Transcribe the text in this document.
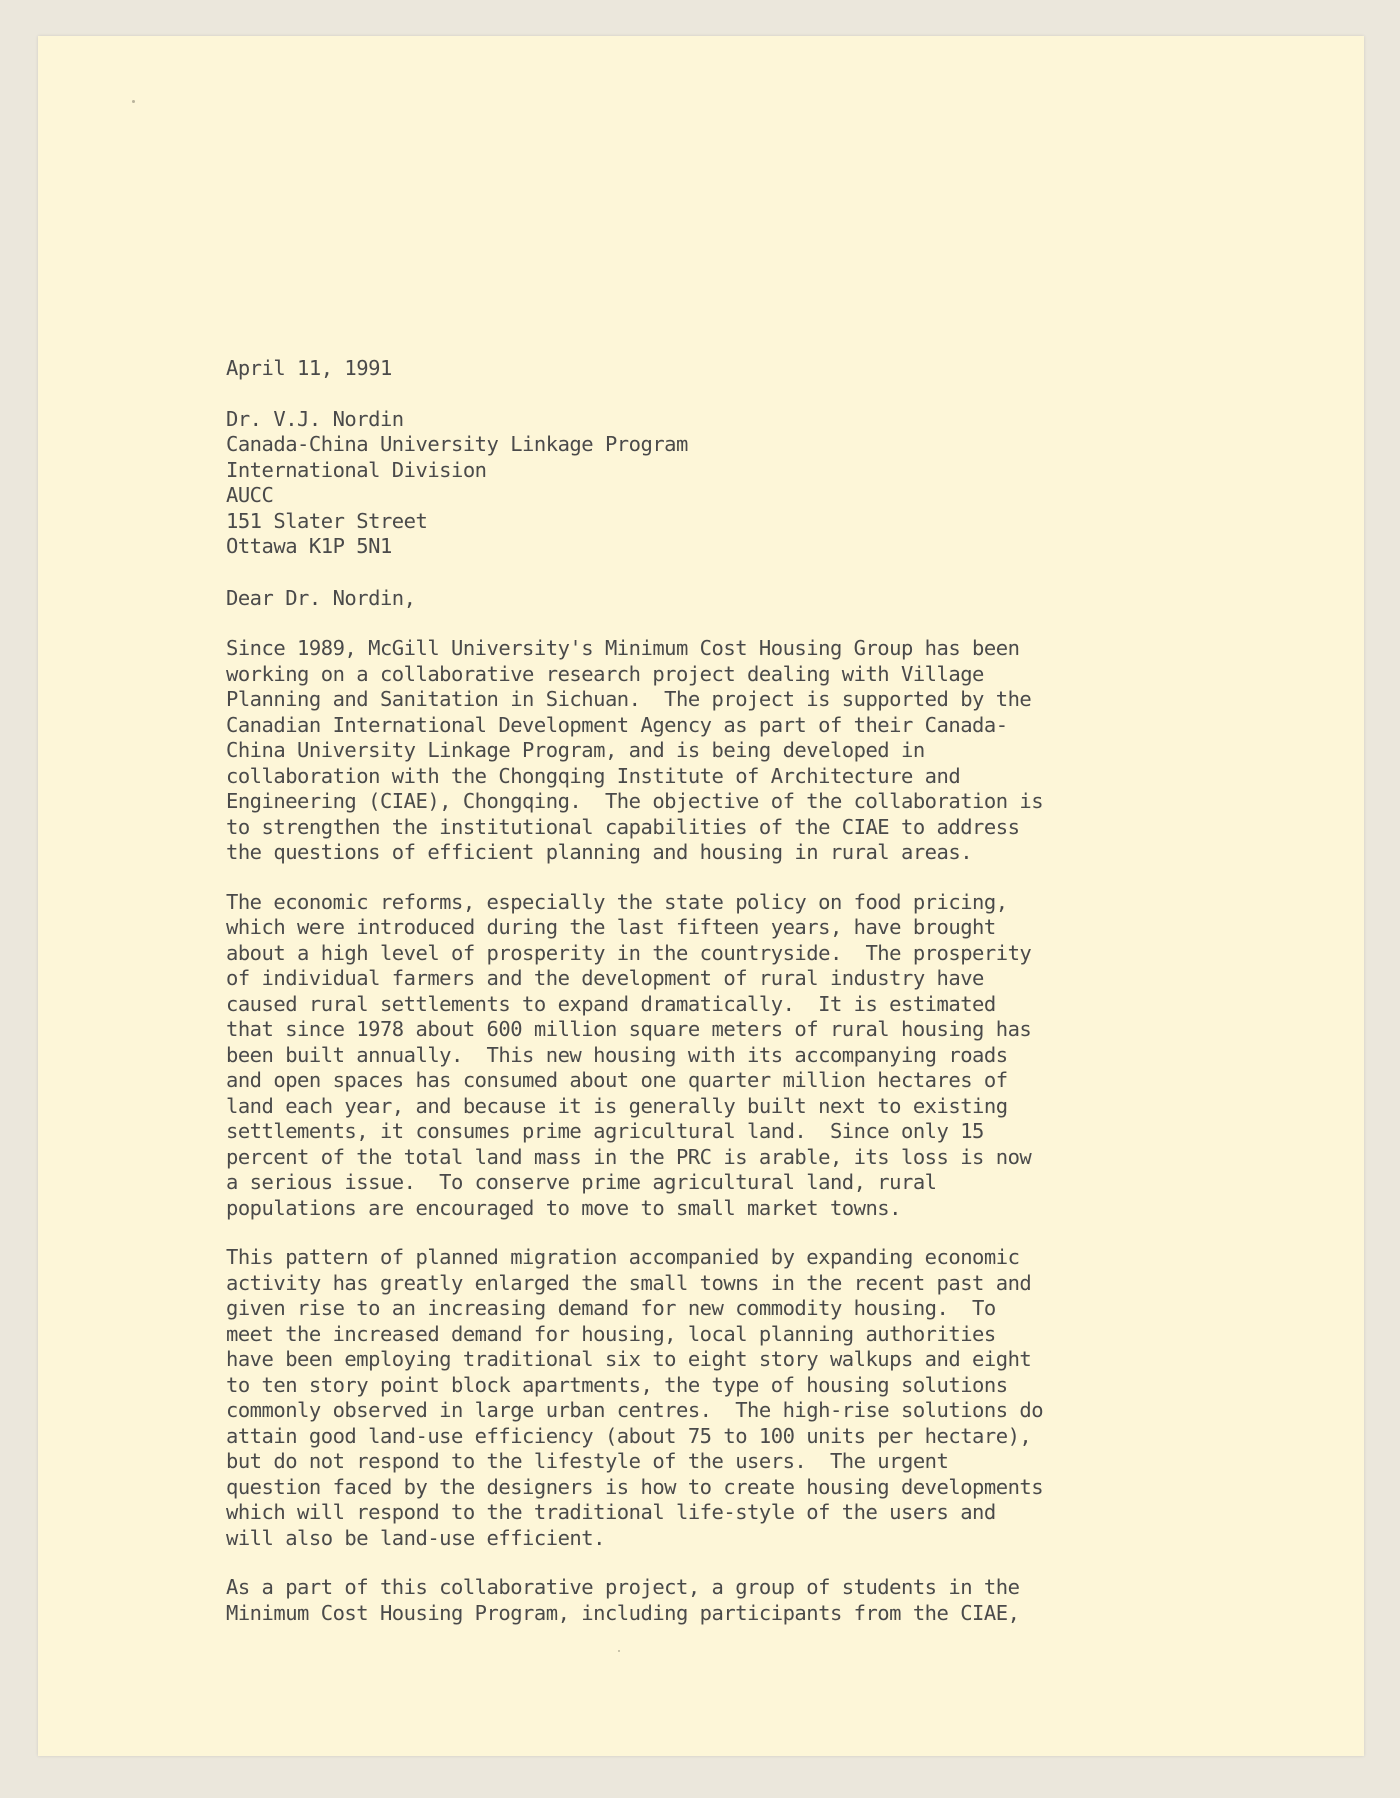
April 11, 1991
Dr. V.J. Nordin
Canada-China University Linkage Program
International Division
AUCC
151 Slater Street
Ottawa K1P 5N1
Dear Dr. Nordin,
Since 1989, McGill University's Minimum Cost Housing Group has been
working on a collaborative research project dealing with Village
Planning and Sanitation in Sichuan.  The project is supported by the
Canadian International Development Agency as part of their Canada-
China University Linkage Program, and is being developed in
collaboration with the Chongqing Institute of Architecture and
Engineering (CIAE), Chongqing.  The objective of the collaboration is
to strengthen the institutional capabilities of the CIAE to address
the questions of efficient planning and housing in rural areas.
The economic reforms, especially the state policy on food pricing,
which were introduced during the last fifteen years, have brought
about a high level of prosperity in the countryside.  The prosperity
of individual farmers and the development of rural industry have
caused rural settlements to expand dramatically.  It is estimated
that since 1978 about 600 million square meters of rural housing has
been built annually.  This new housing with its accompanying roads
and open spaces has consumed about one quarter million hectares of
land each year, and because it is generally built next to existing
settlements, it consumes prime agricultural land.  Since only 15
percent of the total land mass in the PRC is arable, its loss is now
a serious issue.  To conserve prime agricultural land, rural
populations are encouraged to move to small market towns.
This pattern of planned migration accompanied by expanding economic
activity has greatly enlarged the small towns in the recent past and
given rise to an increasing demand for new commodity housing.  To
meet the increased demand for housing, local planning authorities
have been employing traditional six to eight story walkups and eight
to ten story point block apartments, the type of housing solutions
commonly observed in large urban centres.  The high-rise solutions do
attain good land-use efficiency (about 75 to 100 units per hectare),
but do not respond to the lifestyle of the users.  The urgent
question faced by the designers is how to create housing developments
which will respond to the traditional life-style of the users and
will also be land-use efficient.
As a part of this collaborative project, a group of students in the
Minimum Cost Housing Program, including participants from the CIAE,
